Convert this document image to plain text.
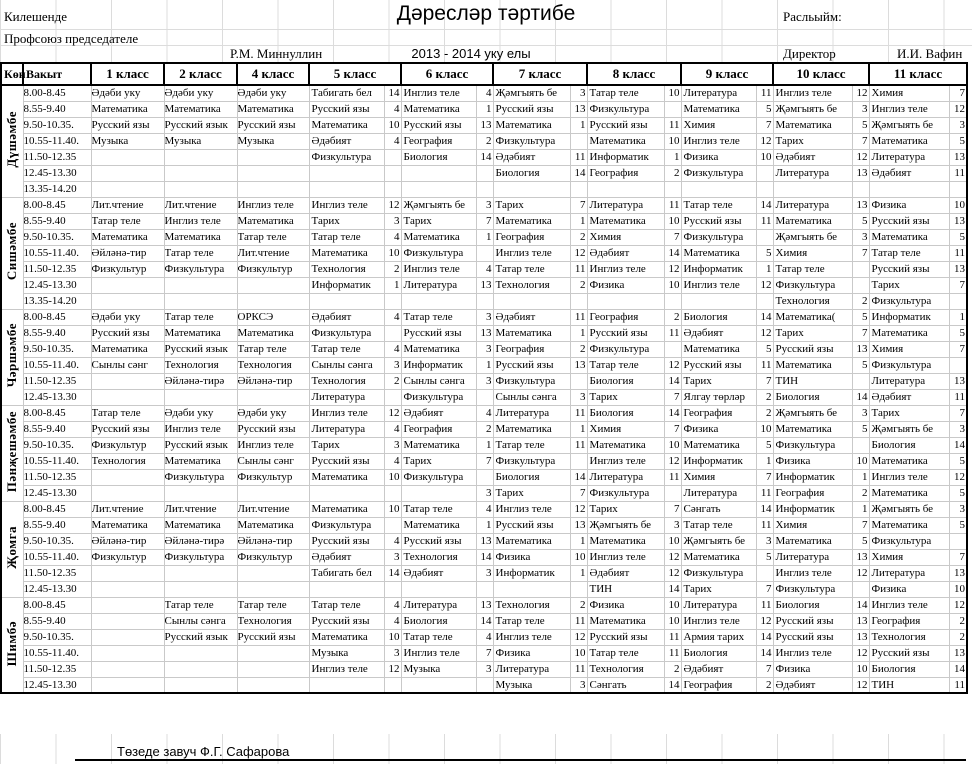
Килешенде	Дәресләр тәртибе	Расльыйм:
Профсоюз председателе
Р.М. Миннуллин	2013 - 2014 уку елы	Директор	И.И. Вафин
Көн	Вакыт	1 класс	2 класс	4 класс	5 класс	6 класс	7 класс	8 класс	9 класс	10 класс	11 класс
Дүшәмбе	8.00-8.45	Әдәби уку	Әдәби уку	Әдәби уку	Табигать бел 14	Инглиз теле 4	Җәмгыять бе 3	Татар теле 10	Литература 11	Инглиз теле 12	Химия 7

	8.55-9.40	Математика	Математика	Математика	Русский язы 4	Математика 1	Русский язы 13	Физкультура	Математика 5	Җәмгыять бе 3	Инглиз теле 12

	9.50-10.35.	Русский язы	Русский язык	Русский язы	Математика 10	Русский язы 13	Математика 1	Русский язы 11	Химия 7	Математика 5	Җәмгыять бе 3

	10.55-11.40.	Музыка	Музыка	Музыка	Әдәбият 4	География 2	Физкультура	Математика 10	Инглиз теле 12	Тарих 7	Математика 5

	11.50-12.35				Физкультура	Биология 14	Әдәбият 11	Информатик 1	Физика 10	Әдәбият 12	Литература 13

	12.45-13.30						Биология 14	География 2	Физкультура	Литература 13	Әдәбият 11

	13.35-14.20				

Сишәмбе	8.00-8.45	Лит.чтение	Лит.чтение	Инглиз теле	Инглиз теле 12	Җәмгыять бе 3	Тарих 7	Литература 11	Татар теле 14	Литература 13	Физика 10

	8.55-9.40	Татар теле	Инглиз теле	Математика	Тарих 3	Тарих 7	Математика 1	Математика 10	Русский язы 11	Математика 5	Русский язы 13

	9.50-10.35.	Математика	Математика	Татар теле	Татар теле 4	Математика 1	География 2	Химия 7	Физкультура	Җәмгыять бе 3	Математика 5

	10.55-11.40.	Әйләнә-тир	Татар теле	Лит.чтение	Математика 10	Физкультура	Инглиз теле 12	Әдәбият 14	Математика 5	Химия 7	Татар теле 11

	11.50-12.35	Физкультур	Физкультура	Физкультур	Технология 2	Инглиз теле 4	Татар теле 11	Инглиз теле 12	Информатик 1	Татар теле	Русский язы 13

	12.45-13.30				Информатик 1	Литература 13	Технология 2	Физика 10	Инглиз теле 12	Физкультура	Тарих 7

	13.35-14.20									Технология 2	Физкультура

Чәршәмбе	8.00-8.45	Әдәби уку	Татар теле	ОРКСЭ	Әдәбият 4	Татар теле 3	Әдәбият 11	География 2	Биология 14	Математика( 5	Информатик 1

	8.55-9.40	Русский язы	Математика	Математика	Физкультура	Русский язы 13	Математика 1	Русский язы 11	Әдәбият 12	Тарих 7	Математика 5

	9.50-10.35.	Математика	Русский язык	Татар теле	Татар теле 4	Математика 3	География 2	Физкультура	Математика 5	Русский язы 13	Химия 7

	10.55-11.40.	Сынлы сәнг	Технология	Технология	Сынлы сәнга 3	Информатик 1	Русский язы 13	Татар теле 12	Русский язы 11	Математика 5	Физкультура

	11.50-12.35		Әйләнә-тирә	Әйләнә-тир	Технология 2	Сынлы сәнга 3	Физкультура	Биология 14	Тарих 7	ТИН	Литература 13

	12.45-13.30				Литература	Физкультура	Сынлы сәнга 3	Тарих 7	Ялгау төрләр 2	Биология 14	Әдәбият 11

Пәнҗешәмбе	8.00-8.45	Татар теле	Әдәби уку	Әдәби уку	Инглиз теле 12	Әдәбият 4	Литература 11	Биология 14	География 2	Җәмгыять бе 3	Тарих 7

	8.55-9.40	Русский язы	Инглиз теле	Русский язы	Литература 4	География 2	Математика 1	Химия 7	Физика 10	Математика 5	Җәмгыять бе 3

	9.50-10.35.	Физкультур	Русский язык	Инглиз теле	Тарих 3	Математика 1	Татар теле 11	Математика 10	Математика 5	Физкультура	Биология 14

	10.55-11.40.	Технология	Математика	Сынлы сәнг	Русский язы 4	Тарих 7	Физкультура	Инглиз теле 12	Информатик 1	Физика 10	Математика 5

	11.50-12.35		Физкультура	Физкультур	Математика 10	Физкультура	Биология 14	Литература 11	Химия 7	Информатик 1	Инглиз теле 12

	12.45-13.30					3	Тарих 7	Физкультура	Литература 11	География 2	Математика 5

Җомга	8.00-8.45	Лит.чтение	Лит.чтение	Лит.чтение	Математика 10	Татар теле 4	Инглиз теле 12	Тарих 7	Сәнгать 14	Информатик 1	Җәмгыять бе 3

	8.55-9.40	Математика	Математика	Математика	Физкультура	Математика 1	Русский язы 13	Җәмгыять бе 3	Татар теле 11	Химия 7	Математика 5

	9.50-10.35.	Әйләнә-тир	Әйләнә-тирә	Әйләнә-тир	Русский язы 4	Русский язы 13	Математика 1	Математика 10	Җәмгыять бе 3	Математика 5	Физкультура

	10.55-11.40.	Физкультур	Физкультура	Физкультур	Әдәбият 3	Технология 14	Физика 10	Инглиз теле 12	Математика 5	Литература 13	Химия 7

	11.50-12.35				Табигать бел 14	Әдәбият 3	Информатик 1	Әдәбият 12	Физкультура	Инглиз теле 12	Литература 13

	12.45-13.30							ТИН 14	Тарих 7	Физкультура	Физика 10

Шимбә	8.00-8.45		Татар теле	Татар теле	Татар теле 4	Литература 13	Технология 2	Физика 10	Литература 11	Биология 14	Инглиз теле 12

	8.55-9.40		Сынлы сәнга	Технология	Русский язы 4	Биология 14	Татар теле 11	Математика 10	Инглиз теле 12	Русский язы 13	География 2

	9.50-10.35.		Русский язык	Русский язы	Математика 10	Татар теле 4	Инглиз теле 12	Русский язы 11	Армия тарих 14	Русский язы 13	Технология 2

	10.55-11.40.				Музыка 3	Инглиз теле 7	Физика 10	Татар теле 11	Биология 14	Инглиз теле 12	Русский язы 13

	11.50-12.35				Инглиз теле 12	Музыка 3	Литература 11	Технология 2	Әдәбият 7	Физика 10	Биология 14

	12.45-13.30						Музыка 3	Сәнгать 14	География 2	Әдәбият 12	ТИН 11
Төзеде завуч Ф.Г. Сафарова
